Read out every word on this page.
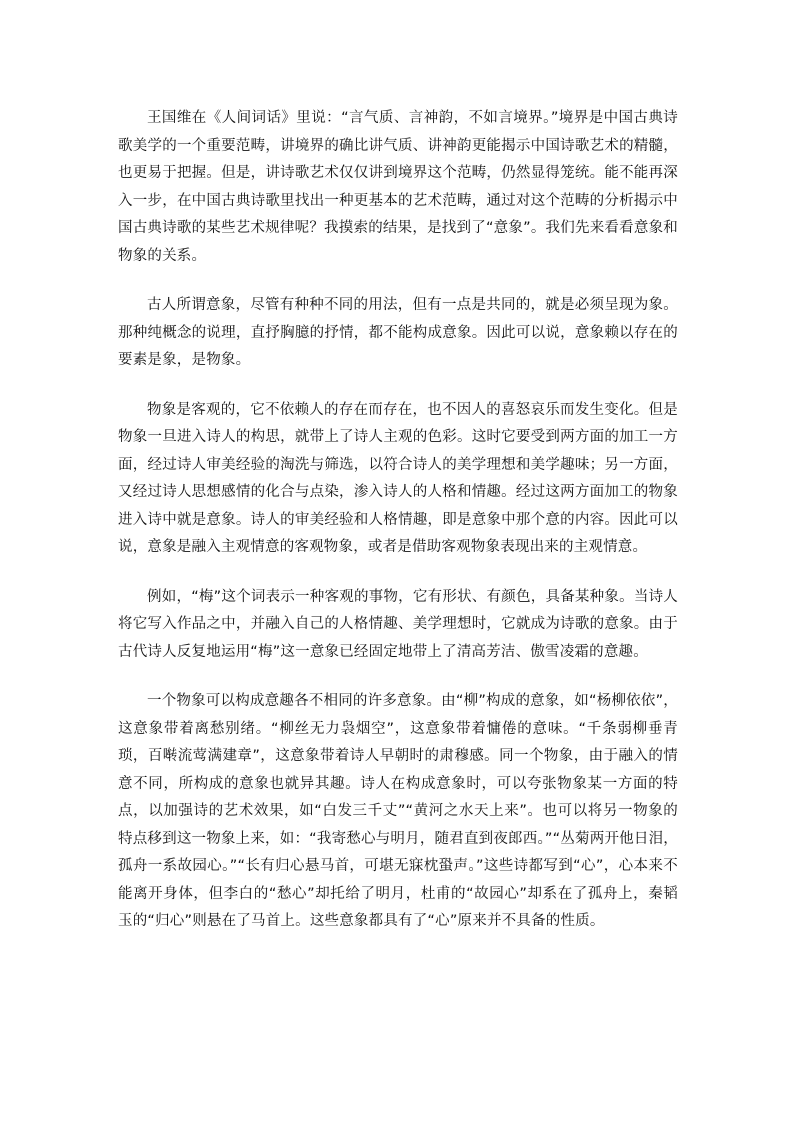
王国维在《人间词话》里说：“言气质、言神韵，不如言境界。”境界是中国古典诗歌美学的一个重要范畴，讲境界的确比讲气质、讲神韵更能揭示中国诗歌艺术的精髓，也更易于把握。但是，讲诗歌艺术仅仅讲到境界这个范畴，仍然显得笼统。能不能再深入一步，在中国古典诗歌里找出一种更基本的艺术范畴，通过对这个范畴的分析揭示中国古典诗歌的某些艺术规律呢？我摸索的结果，是找到了“意象”。我们先来看看意象和物象的关系。

古人所谓意象，尽管有种种不同的用法，但有一点是共同的，就是必须呈现为象。那种纯概念的说理，直抒胸臆的抒情，都不能构成意象。因此可以说，意象赖以存在的要素是象，是物象。

物象是客观的，它不依赖人的存在而存在，也不因人的喜怒哀乐而发生变化。但是物象一旦进入诗人的构思，就带上了诗人主观的色彩。这时它要受到两方面的加工一方面，经过诗人审美经验的淘洗与筛选，以符合诗人的美学理想和美学趣味；另一方面，又经过诗人思想感情的化合与点染，渗入诗人的人格和情趣。经过这两方面加工的物象进入诗中就是意象。诗人的审美经验和人格情趣，即是意象中那个意的内容。因此可以说，意象是融入主观情意的客观物象，或者是借助客观物象表现出来的主观情意。

例如，“梅”这个词表示一种客观的事物，它有形状、有颜色，具备某种象。当诗人将它写入作品之中，并融入自己的人格情趣、美学理想时，它就成为诗歌的意象。由于古代诗人反复地运用“梅”这一意象已经固定地带上了清高芳洁、傲雪凌霜的意趣。

一个物象可以构成意趣各不相同的许多意象。由“柳”构成的意象，如“杨柳依依”，这意象带着离愁别绪。“柳丝无力袅烟空”，这意象带着慵倦的意味。“千条弱柳垂青琐，百啭流莺满建章”，这意象带着诗人早朝时的肃穆感。同一个物象，由于融入的情意不同，所构成的意象也就异其趣。诗人在构成意象时，可以夸张物象某一方面的特点，以加强诗的艺术效果，如“白发三千丈”“黄河之水天上来”。也可以将另一物象的特点移到这一物象上来，如：“我寄愁心与明月，随君直到夜郎西。”“丛菊两开他日泪，孤舟一系故园心。”“长有归心悬马首，可堪无寐枕蛩声。”这些诗都写到“心”，心本来不能离开身体，但李白的“愁心”却托给了明月，杜甫的“故园心”却系在了孤舟上，秦韬玉的“归心”则悬在了马首上。这些意象都具有了“心”原来并不具备的性质。
